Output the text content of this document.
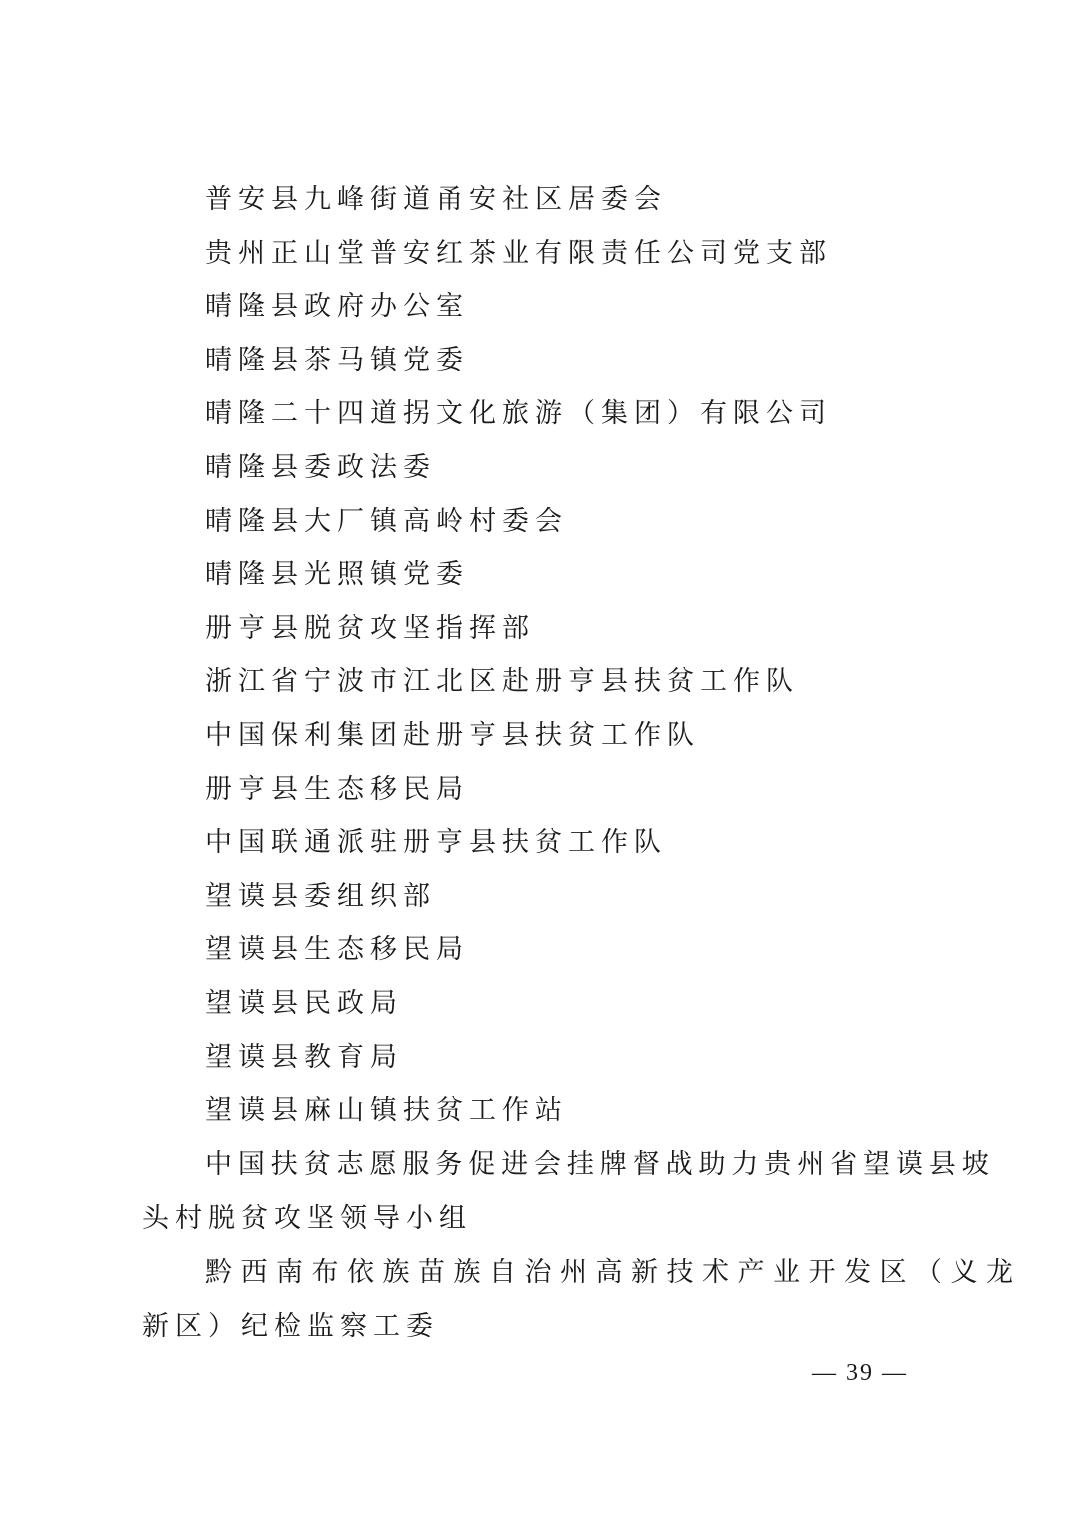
普安县九峰街道甬安社区居委会
贵州正山堂普安红茶业有限责任公司党支部
晴隆县政府办公室
晴隆县茶马镇党委
晴隆二十四道拐文化旅游（集团）有限公司
晴隆县委政法委
晴隆县大厂镇高岭村委会
晴隆县光照镇党委
册亨县脱贫攻坚指挥部
浙江省宁波市江北区赴册亨县扶贫工作队
中国保利集团赴册亨县扶贫工作队
册亨县生态移民局
中国联通派驻册亨县扶贫工作队
望谟县委组织部
望谟县生态移民局
望谟县民政局
望谟县教育局
望谟县麻山镇扶贫工作站
中国扶贫志愿服务促进会挂牌督战助力贵州省望谟县坡
头村脱贫攻坚领导小组
黔西南布依族苗族自治州高新技术产业开发区（义龙
新区）纪检监察工委
— 39 —
